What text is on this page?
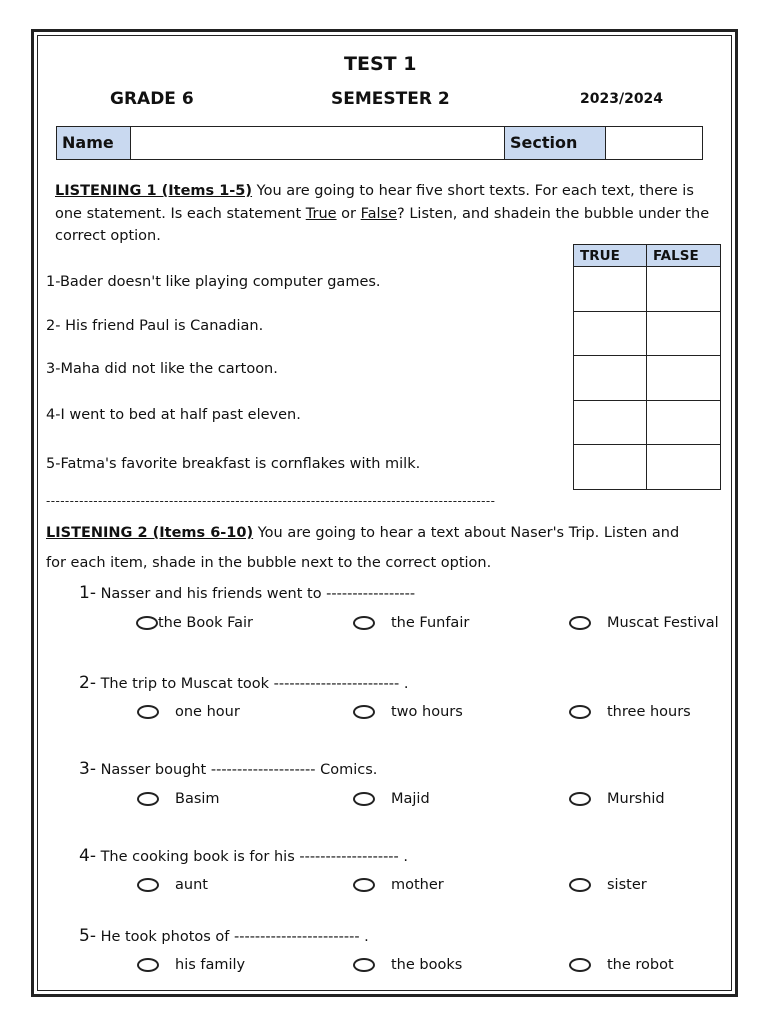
TEST 1
GRADE 6	SEMESTER 2	2023/2024
Name	Section
LISTENING 1 (Items 1-5) You are going to hear five short texts. For each text, there is
one statement. Is each statement True or False? Listen, and shadein the bubble under the
correct option.
TRUE	FALSE

1-Bader doesn't like playing computer games.
2- His friend Paul is Canadian.
3-Maha did not like the cartoon.
4-I went to bed at half past eleven.
5-Fatma's favorite breakfast is cornflakes with milk.
-----------------------------------------------------------------------------------------------
LISTENING 2 (Items 6-10) You are going to hear a text about Naser's Trip. Listen and
for each item, shade in the bubble next to the correct option.
1- Nasser and his friends went to -----------------
the Book Fair	the Funfair	Muscat Festival
2- The trip to Muscat took ------------------------ .
one hour	two hours	three hours
3- Nasser bought -------------------- Comics.
Basim	Majid	Murshid
4- The cooking book is for his ------------------- .
aunt	mother	sister
5- He took photos of ------------------------ .
his family	the books	the robot
